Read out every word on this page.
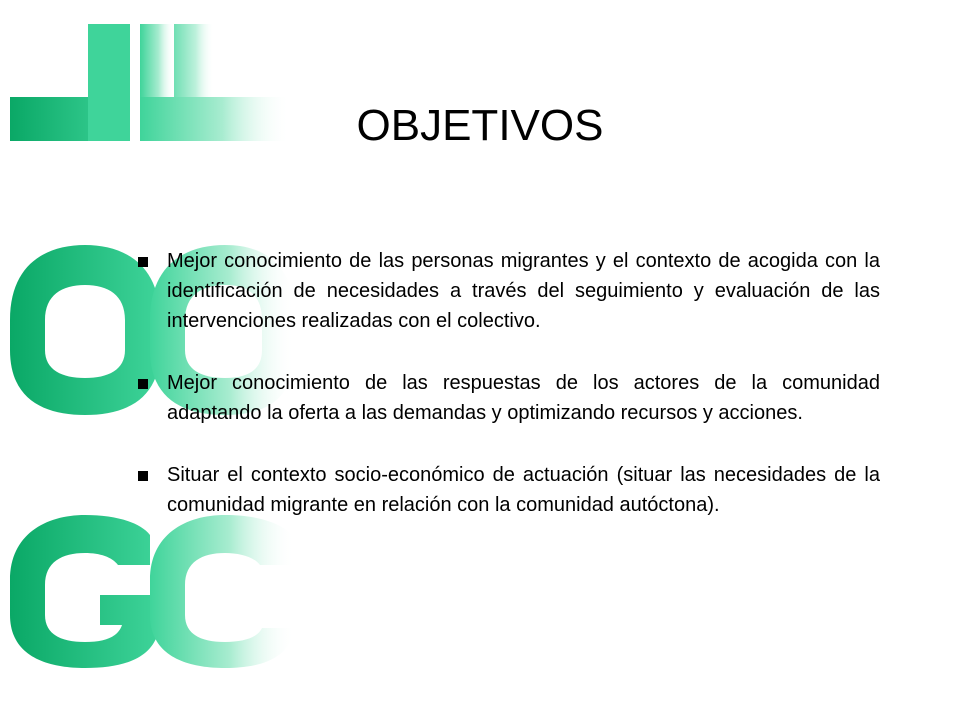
OBJETIVOS
Mejor conocimiento de las personas migrantes y el contexto de acogida con la identificación de necesidades a través del seguimiento y evaluación de las intervenciones realizadas con el colectivo.
Mejor conocimiento de las respuestas de los actores de la comunidad adaptando la oferta a las demandas y optimizando recursos y acciones.
Situar el contexto socio-económico de actuación (situar las necesidades de la comunidad migrante en relación con la comunidad autóctona).
